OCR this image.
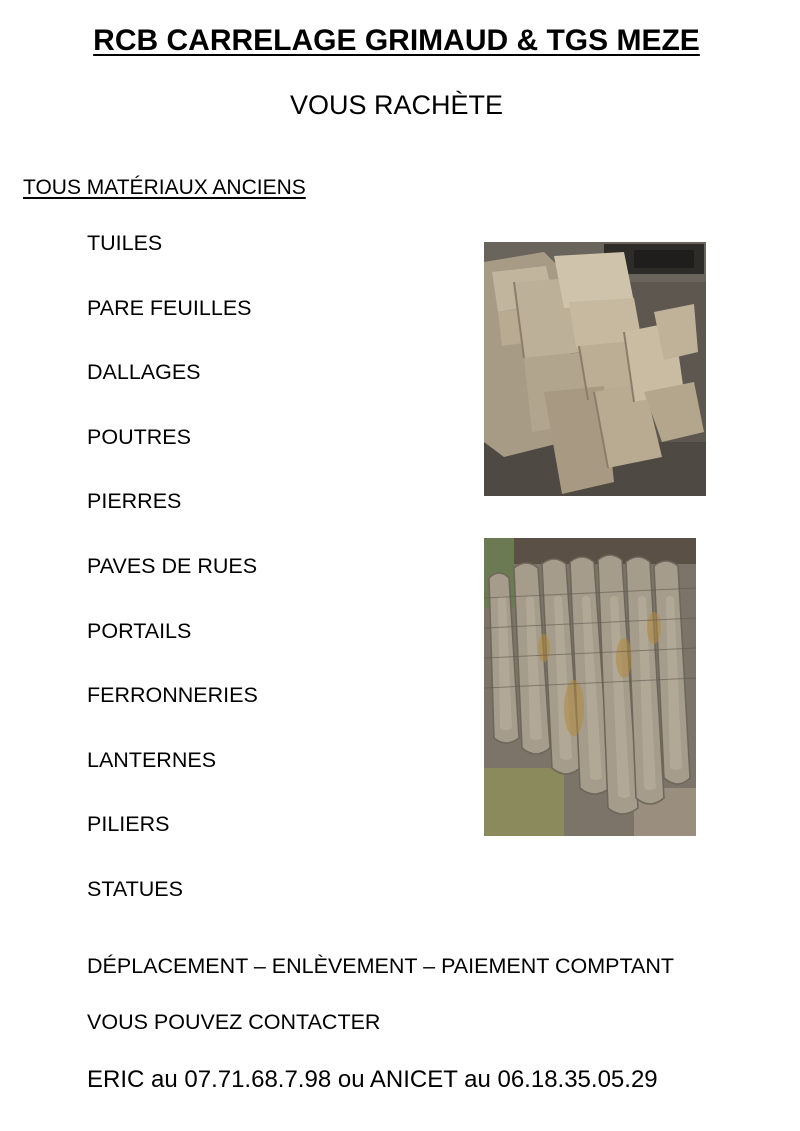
RCB CARRELAGE GRIMAUD & TGS MEZE
VOUS RACHÈTE
TOUS MATÉRIAUX ANCIENS
TUILES
PARE FEUILLES
DALLAGES
POUTRES
PIERRES
PAVES DE RUES
PORTAILS
FERRONNERIES
LANTERNES
PILIERS
STATUES
DÉPLACEMENT – ENLÈVEMENT – PAIEMENT COMPTANT
VOUS POUVEZ CONTACTER
ERIC au 07.71.68.7.98 ou ANICET au 06.18.35.05.29
